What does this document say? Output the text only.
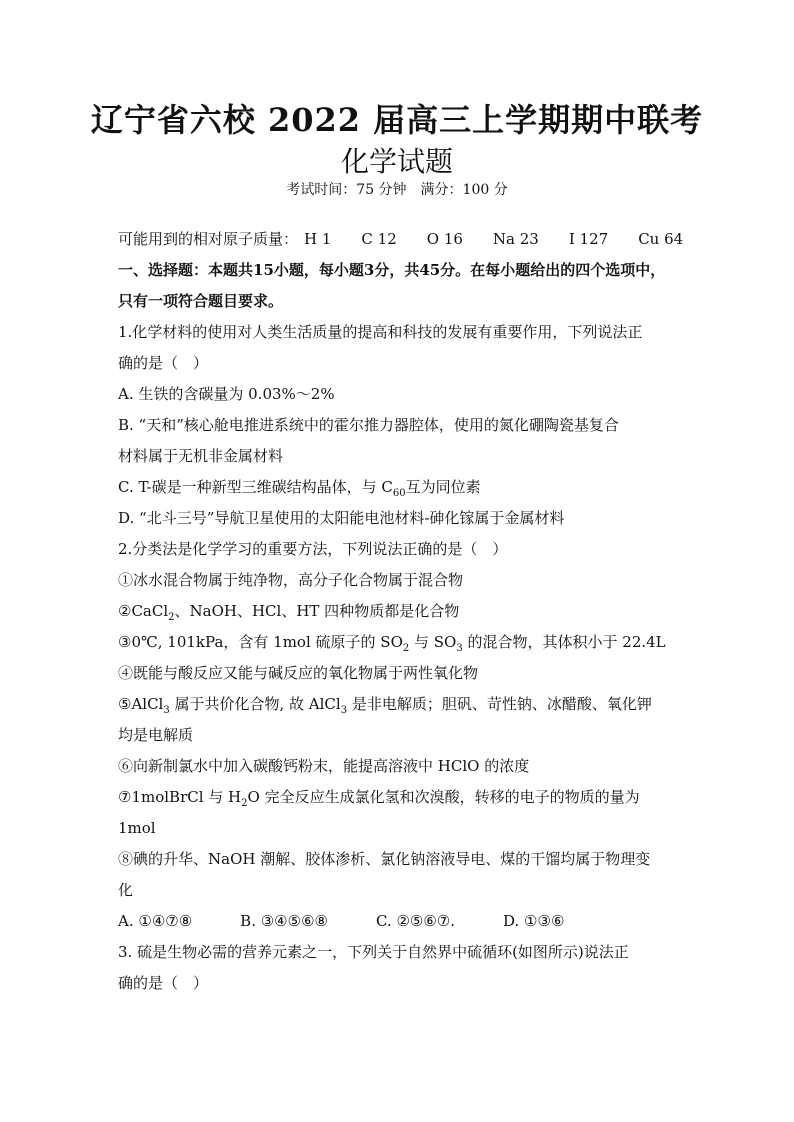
辽宁省六校 2022 届高三上学期期中联考
化学试题
考试时间：75 分钟　满分：100 分
可能用到的相对原子质量： H 1 C 12 O 16 Na 23 I 127 Cu 64
一、选择题：本题共15小题，每小题3分，共45分。在每小题给出的四个选项中，
只有一项符合题目要求。
1.化学材料的使用对人类生活质量的提高和科技的发展有重要作用，下列说法正
确的是（　）
A. 生铁的含碳量为 0.03%～2%
B. “天和”核心舱电推进系统中的霍尔推力器腔体，使用的氮化硼陶瓷基复合
材料属于无机非金属材料
C. T-碳是一种新型三维碳结构晶体，与 $C_{60}$互为同位素
D. “北斗三号”导航卫星使用的太阳能电池材料-砷化镓属于金属材料
2.分类法是化学学习的重要方法，下列说法正确的是（　）
①冰水混合物属于纯净物，高分子化合物属于混合物
②CaCl$_2$、NaOH、HCl、HT 四种物质都是化合物
③0℃, 101kPa，含有 1mol 硫原子的 $SO_2$ 与 $SO_3$ 的混合物，其体积小于 22.4L
④既能与酸反应又能与碱反应的氧化物属于两性氧化物
⑤AlCl$_3$ 属于共价化合物, 故 AlCl$_3$ 是非电解质；胆矾、苛性钠、冰醋酸、氧化钾
均是电解质
⑥向新制氯水中加入碳酸钙粉末，能提高溶液中 HClO 的浓度
⑦1molBrCl 与 $H_2O$ 完全反应生成氯化氢和次溴酸，转移的电子的物质的量为
1mol
⑧碘的升华、NaOH 潮解、胶体渗析、氯化钠溶液导电、煤的干馏均属于物理变
化
A. ①④⑦⑧	B. ③④⑤⑥⑧	C. ②⑤⑥⑦.	D. ①③⑥
3. 硫是生物必需的营养元素之一，下列关于自然界中硫循环(如图所示)说法正
确的是（　）
